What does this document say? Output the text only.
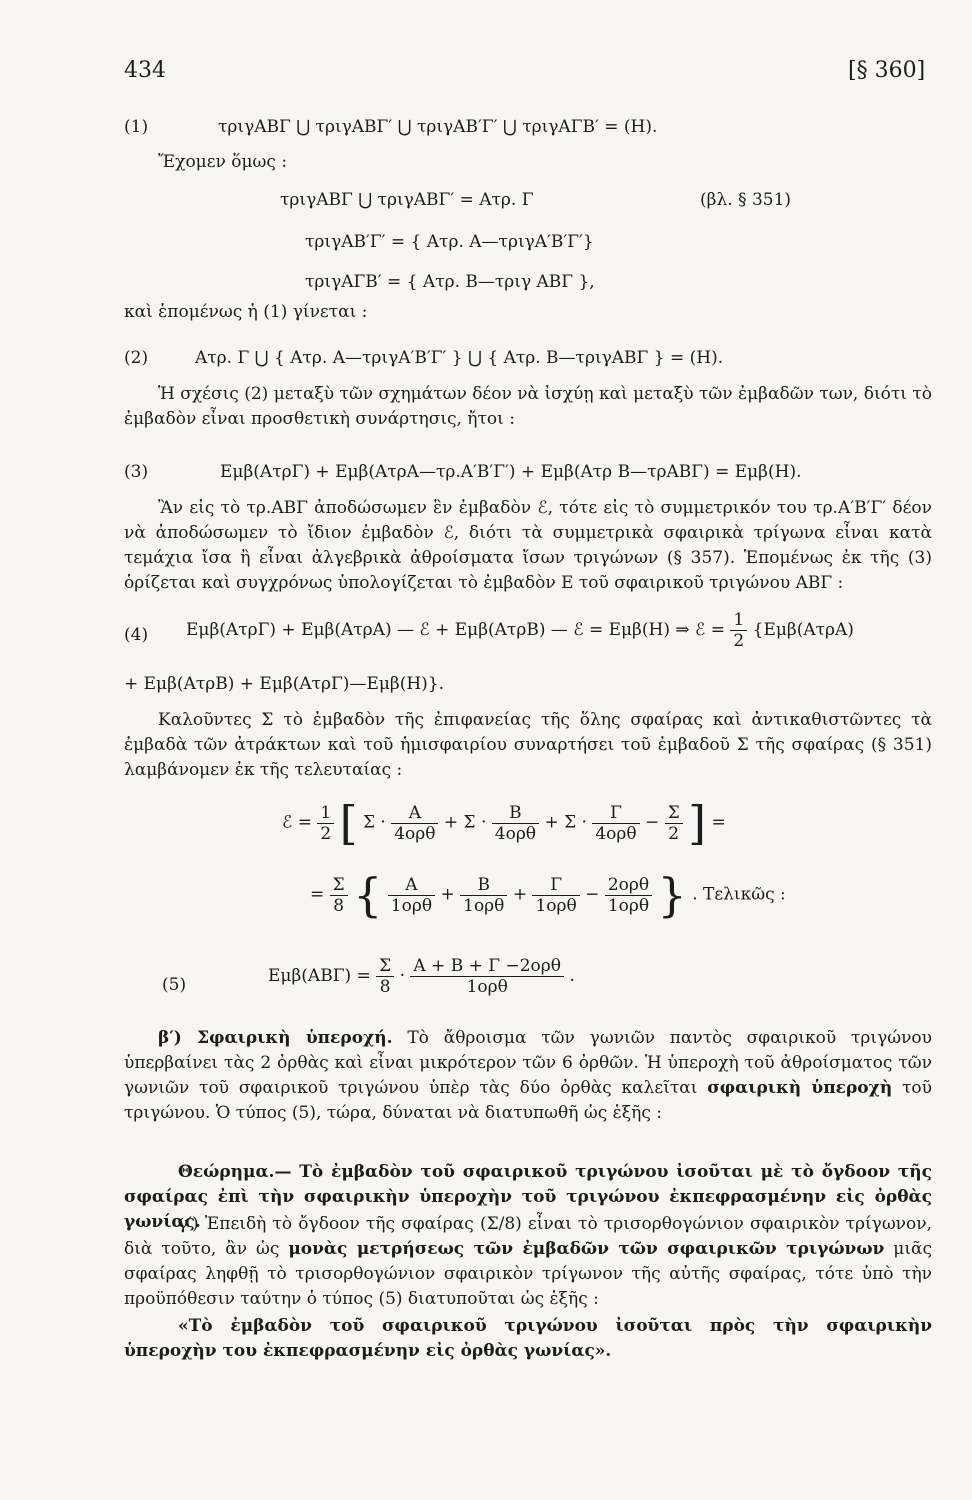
434	[§ 360]
(1)	τριγΑΒΓ ⋃ τριγΑΒΓ′ ⋃ τριγΑΒ′Γ′ ⋃ τριγΑΓΒ′ = (Η).
Ἔχομεν ὅμως :
τριγΑΒΓ ⋃ τριγΑΒΓ′ = Ατρ. Γ	(βλ. § 351)
τριγΑΒ′Γ′ = { Ατρ. Α—τριγΑ′Β′Γ′}
τριγΑΓΒ′ = { Ατρ. Β—τριγ ΑΒΓ },
καὶ ἑπομένως ἡ (1) γίνεται :
(2)	Ατρ. Γ ⋃ { Ατρ. Α—τριγΑ′Β′Γ′ } ⋃ { Ατρ. Β—τριγΑΒΓ } = (Η).
Ἡ σχέσις (2) μεταξὺ τῶν σχημάτων δέον νὰ ἰσχύῃ καὶ μεταξὺ τῶν ἐμβαδῶν των, διότι τὸ ἐμβαδὸν εἶναι προσθετικὴ συνάρτησις, ἤτοι :
(3)	Εμβ(ΑτρΓ) + Εμβ(ΑτρΑ—τρ.Α′Β′Γ′) + Εμβ(Ατρ Β—τρΑΒΓ) = Εμβ(Η).
Ἂν εἰς τὸ τρ.ΑΒΓ ἀποδώσωμεν ἓν ἐμβαδὸν ℰ, τότε εἰς τὸ συμμετρικόν του τρ.Α′Β′Γ′ δέον νὰ ἀποδώσωμεν τὸ ἴδιον ἐμβαδὸν ℰ, διότι τὰ συμμετρικὰ σφαιρικὰ τρίγωνα εἶναι κατὰ τεμάχια ἴσα ἢ εἶναι ἀλγεβρικὰ ἀθροίσματα ἴσων τριγώνων (§ 357). Ἑπομένως ἐκ τῆς (3) ὁρίζεται καὶ συγχρόνως ὑπολογίζεται τὸ ἐμβαδὸν Ε τοῦ σφαιρικοῦ τριγώνου ΑΒΓ :
(4) Εμβ(ΑτρΓ) + Εμβ(ΑτρΑ) — ℰ + Εμβ(ΑτρΒ) — ℰ = Εμβ(Η) ⇒ ℰ = $\frac{1}{2} \{E\mu\beta(A\tau\rho A)$
+ Εμβ(ΑτρΒ) + Εμβ(ΑτρΓ)—Εμβ(Η)}.
Καλοῦντες Σ τὸ ἐμβαδὸν τῆς ἐπιφανείας τῆς ὅλης σφαίρας καὶ ἀντικαθιστῶντες τὰ ἐμβαδὰ τῶν ἀτράκτων καὶ τοῦ ἡμισφαιρίου συναρτήσει τοῦ ἐμβαδοῦ Σ τῆς σφαίρας (§ 351) λαμβάνομεν ἐκ τῆς τελευταίας :
ℰ = $\frac{1}{2}$ [ $\Sigma \cdot \frac{A}{\text{4ορθ}} + \Sigma \cdot \frac{B}{\text{4ορθ}} + \Sigma \cdot \frac{\Gamma}{\text{4ορθ}} - \frac{\Sigma}{2}$ ] =
= $\frac{\Sigma}{8}$ { $\frac{A}{\text{1ορθ}} + \frac{B}{\text{1ορθ}} + \frac{\Gamma}{\text{1ορθ}} - \frac{\text{2ορθ}}{\text{1ορθ}}$ } . Τελικῶς :
(5)	$E\mu\beta(AB\Gamma) = \frac{\Sigma}{8} \cdot \frac{\text{Α + Β + Γ −2ορθ}}{\text{1ορθ}}$ .
β′) Σφαιρικὴ ὑπεροχή. Τὸ ἄθροισμα τῶν γωνιῶν παντὸς σφαιρικοῦ τριγώνου ὑπερβαίνει τὰς 2 ὀρθὰς καὶ εἶναι μικρότερον τῶν 6 ὀρθῶν. Ἡ ὑπεροχὴ τοῦ ἀθροίσματος τῶν γωνιῶν τοῦ σφαιρικοῦ τριγώνου ὑπὲρ τὰς δύο ὀρθὰς καλεῖται σφαιρικὴ ὑπεροχὴ τοῦ τριγώνου. Ὁ τύπος (5), τώρα, δύναται νὰ διατυπωθῆ ὡς ἑξῆς :
Θεώρημα.— Τὸ ἐμβαδὸν τοῦ σφαιρικοῦ τριγώνου ἰσοῦται μὲ τὸ ὄγδοον τῆς σφαίρας ἐπὶ τὴν σφαιρικὴν ὑπεροχὴν τοῦ τριγώνου ἐκπεφρασμένην εἰς ὀρθὰς γωνίας.
γ′) Ἐπειδὴ τὸ ὄγδοον τῆς σφαίρας (Σ/8) εἶναι τὸ τρισορθογώνιον σφαιρικὸν τρίγωνον, διὰ τοῦτο, ἂν ὡς μονὰς μετρήσεως τῶν ἐμβαδῶν τῶν σφαιρικῶν τριγώνων μιᾶς σφαίρας ληφθῇ τὸ τρισορθογώνιον σφαιρικὸν τρίγωνον τῆς αὐτῆς σφαίρας, τότε ὑπὸ τὴν προϋπόθεσιν ταύτην ὁ τύπος (5) διατυποῦται ὡς ἑξῆς :
«Τὸ ἐμβαδὸν τοῦ σφαιρικοῦ τριγώνου ἰσοῦται πρὸς τὴν σφαιρικὴν ὑπεροχὴν του ἐκπεφρασμένην εἰς ὀρθὰς γωνίας».
